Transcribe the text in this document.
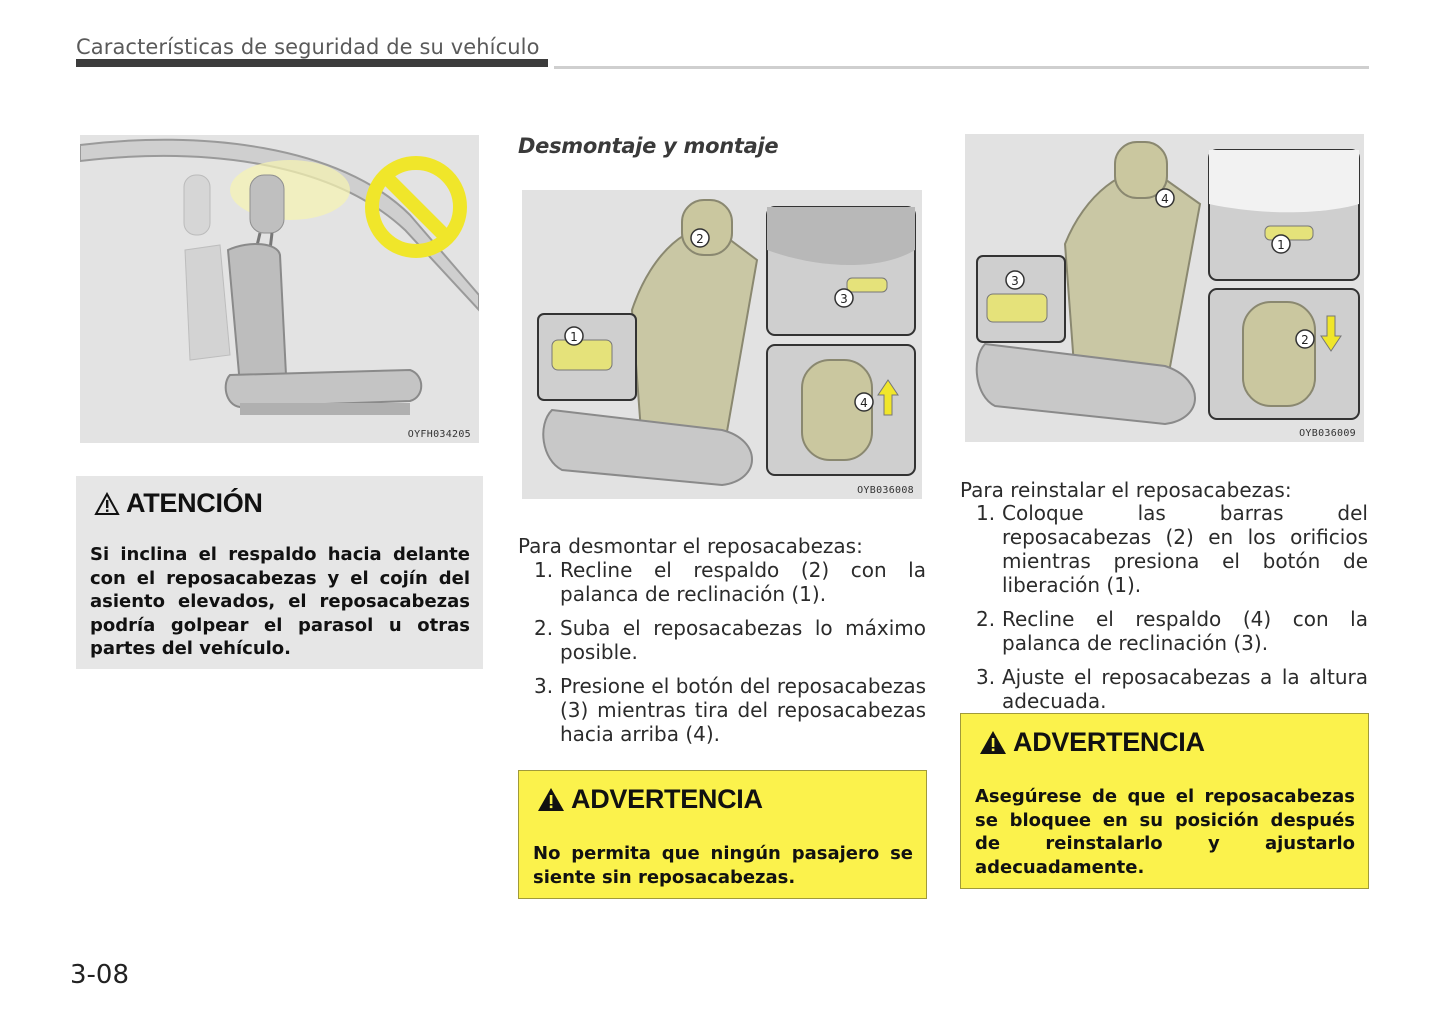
Características de seguridad de su vehículo
OYFH034205
ATENCIÓN
Si inclina el respaldo hacia delante con el reposacabezas y el cojín del asiento elevados, el reposacabezas podría golpear el parasol u otras partes del vehículo.
Desmontaje y montaje
2
1
3
4
OYB036008
Para desmontar el reposacabezas:
1. Recline el respaldo (2) con la palanca de reclinación (1).
2. Suba el reposacabezas lo máximo posible.
3. Presione el botón del reposacabezas (3) mientras tira del reposacabezas hacia arriba (4).
ADVERTENCIA
No permita que ningún pasajero se siente sin reposacabezas.
4
3
1
2
OYB036009
Para reinstalar el reposacabezas:
1. Coloque las barras del reposacabezas (2) en los orificios mientras presiona el botón de liberación (1).
2. Recline el respaldo (4) con la palanca de reclinación (3).
3. Ajuste el reposacabezas a la altura adecuada.
ADVERTENCIA
Asegúrese de que el reposacabezas se bloquee en su posición después de reinstalarlo y ajustarlo adecuadamente.
3-08
